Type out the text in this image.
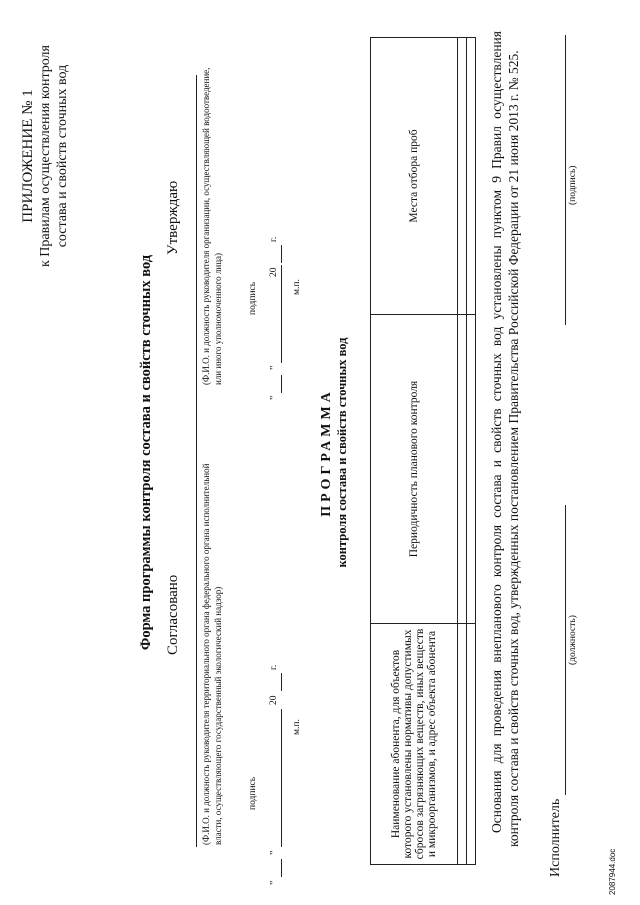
ПРИЛОЖЕНИЕ № 1 к Правилам осуществления контроля состава и свойств сточных вод
Форма программы контроля состава и свойств сточных вод Согласовано (Ф.И.О. и должность руководителя территориального органа федерального органа исполнительной власти, осуществляющего государственный экологический надзор)	подпись
"
"
20
г.
м.п.
Утверждаю (Ф.И.О. и должность руководителя организации, осуществляющей водоотведение, или иного уполномоченного лица)	подпись
"
"
20
г.
м.п.
ПРОГРАММА контроля состава и свойств сточных вод
Наименование абонента, для объектов которого установлены нормативы допустимых сбросов загрязняющих веществ, иных веществ и микроорганизмов, и адрес объекта абонента	Периодичность планового контроля	Места отбора проб

			Основания для проведения внепланового контроля состава и свойств сточных вод установлены пунктом 9 Правил осуществления контроля состава и свойств сточных вод, утвержденных постановлением Правительства Российской Федерации от 21 июня 2013 г. № 525. Исполнитель
(должность)
(подпись)
2087944.doc
